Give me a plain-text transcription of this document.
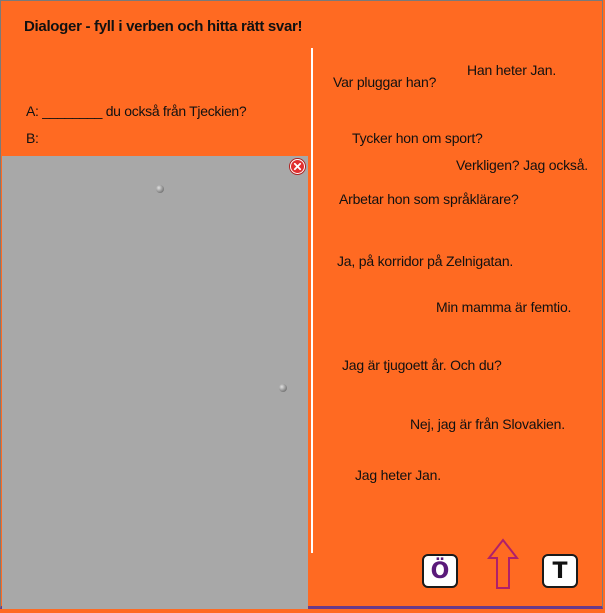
Dialoger - fyll i verben och hitta rätt svar!
A: ________ du också från Tjeckien?
B:
Han heter Jan.
Var pluggar han?
Tycker hon om sport?
Verkligen? Jag också.
Arbetar hon som språklärare?
Ja, på korridor på Zelnigatan.
Min mamma är femtio.
Jag är tjugoett år. Och du?
Nej, jag är från Slovakien.
Jag heter Jan.
Ö	T
